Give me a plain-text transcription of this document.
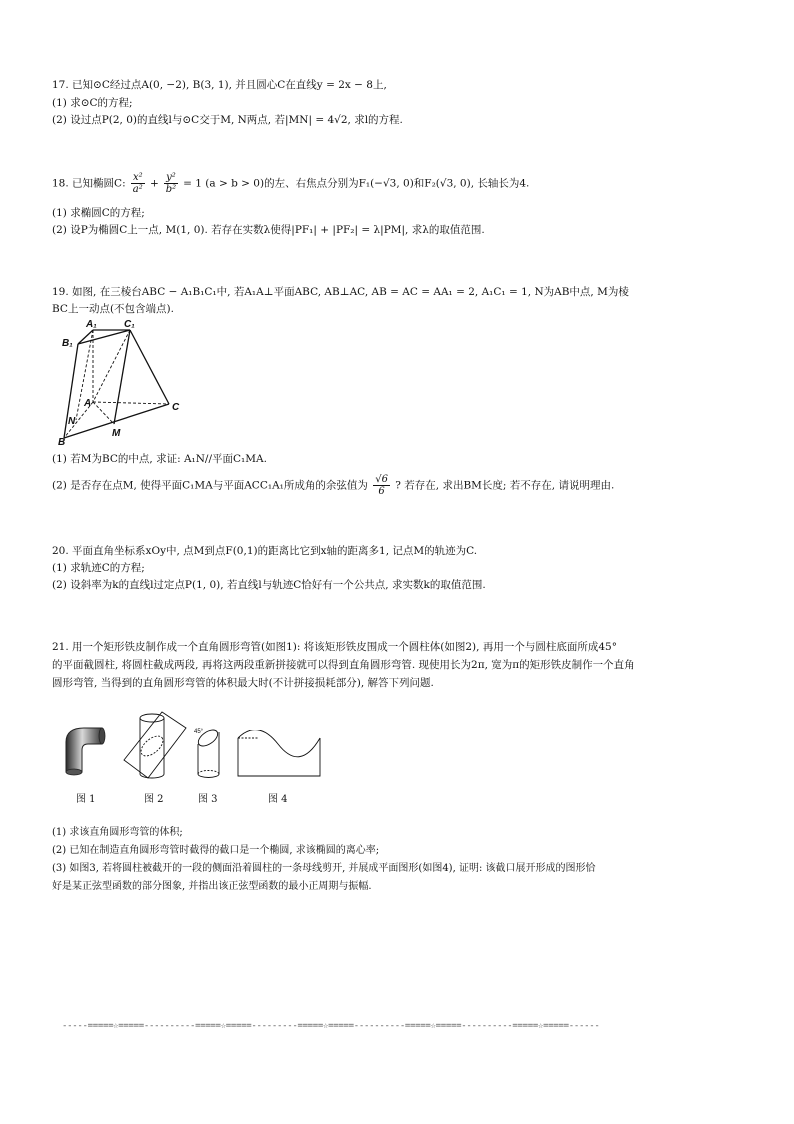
17. 已知⊙C经过点A(0, −2), B(3, 1), 并且圆心C在直线y = 2x − 8上,
(1) 求⊙C的方程;
(2) 设过点P(2, 0)的直线l与⊙C交于M, N两点, 若|MN| = 4√2, 求l的方程.
18. 已知椭圆C: $\frac{\text{x²}}{\text{a²}} + \frac{\text{y²}}{\text{b²}} = 1$ (a > b > 0)的左、右焦点分别为F₁(−√3, 0)和F₂(√3, 0), 长轴长为4.
(1) 求椭圆C的方程;
(2) 设P为椭圆C上一点, M(1, 0). 若存在实数λ使得|PF₁| + |PF₂| = λ|PM|, 求λ的取值范围.
19. 如图, 在三棱台ABC − A₁B₁C₁中, 若A₁A⊥平面ABC, AB⊥AC, AB = AC = AA₁ = 2, A₁C₁ = 1, N为AB中点, M为棱
BC上一动点(不包含端点).
A₁	C₁
B₁
A	C
N
M
B
(1) 若M为BC的中点, 求证: A₁N//平面C₁MA.
(2) 是否存在点M, 使得平面C₁MA与平面ACC₁A₁所成角的余弦值为 $\frac{√6}{6}$ ? 若存在, 求出BM长度; 若不存在, 请说明理由.
20. 平面直角坐标系xOy中, 点M到点F(0,1)的距离比它到x轴的距离多1, 记点M的轨迹为C.
(1) 求轨迹C的方程;
(2) 设斜率为k的直线l过定点P(1, 0), 若直线l与轨迹C恰好有一个公共点, 求实数k的取值范围.
21. 用一个矩形铁皮制作成一个直角圆形弯管(如图1): 将该矩形铁皮围成一个圆柱体(如图2), 再用一个与圆柱底面所成45°
的平面截圆柱, 将圆柱截成两段, 再将这两段重新拼接就可以得到直角圆形弯管. 现使用长为2π, 宽为π的矩形铁皮制作一个直角
圆形弯管, 当得到的直角圆形弯管的体积最大时(不计拼接损耗部分), 解答下列问题.
图 1	图 2
45°
图 3	图 4
(1) 求该直角圆形弯管的体积;
(2) 已知在制造直角圆形弯管时截得的截口是一个椭圆, 求该椭圆的离心率;
(3) 如图3, 若将圆柱被截开的一段的侧面沿着圆柱的一条母线剪开, 并展成平面图形(如图4), 证明: 该截口展开形成的图形恰
好是某正弦型函数的部分图象, 并指出该正弦型函数的最小正周期与振幅.
-----=====☆=====----------=====☆=====---------=====☆=====----------=====☆=====----------=====☆=====------
